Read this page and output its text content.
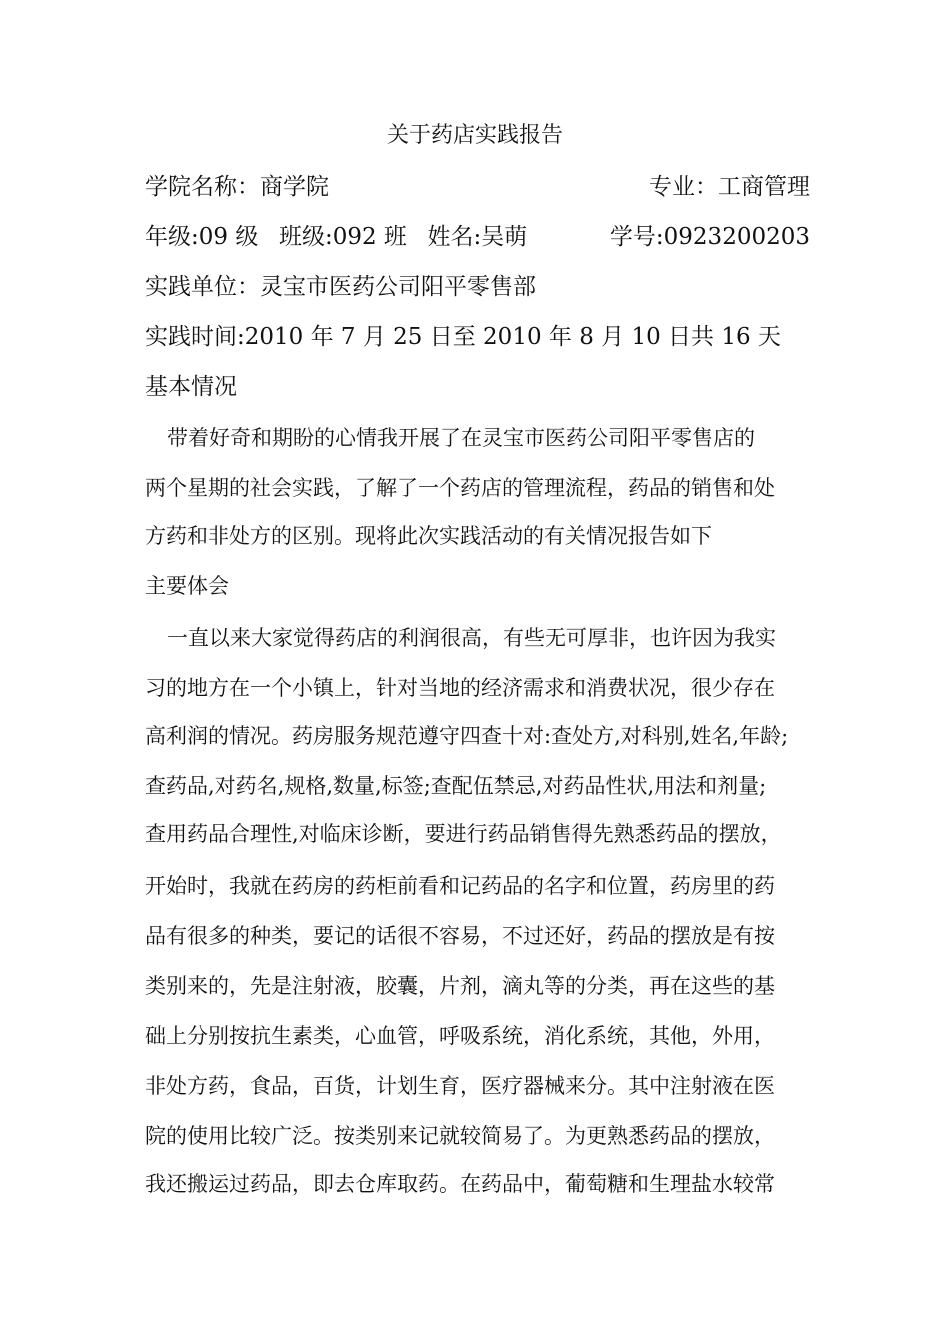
关于药店实践报告
学院名称：商学院	专业：工商管理
年级:09 级 班级:092 班 姓名:吴萌	学号:0923200203
实践单位：灵宝市医药公司阳平零售部
实践时间:2010 年 7 月 25 日至 2010 年 8 月 10 日共 16 天
基本情况
带着好奇和期盼的心情我开展了在灵宝市医药公司阳平零售店的
两个星期的社会实践，了解了一个药店的管理流程，药品的销售和处
方药和非处方的区别。现将此次实践活动的有关情况报告如下
主要体会
一直以来大家觉得药店的利润很高，有些无可厚非，也许因为我实
习的地方在一个小镇上，针对当地的经济需求和消费状况，很少存在
高利润的情况。药房服务规范遵守四查十对:查处方,对科别,姓名,年龄;
查药品,对药名,规格,数量,标签;查配伍禁忌,对药品性状,用法和剂量;
查用药品合理性,对临床诊断，要进行药品销售得先熟悉药品的摆放，
开始时，我就在药房的药柜前看和记药品的名字和位置，药房里的药
品有很多的种类，要记的话很不容易，不过还好，药品的摆放是有按
类别来的，先是注射液，胶囊，片剂，滴丸等的分类，再在这些的基
础上分别按抗生素类，心血管，呼吸系统，消化系统，其他，外用，
非处方药，食品，百货，计划生育，医疗器械来分。其中注射液在医
院的使用比较广泛。按类别来记就较简易了。为更熟悉药品的摆放，
我还搬运过药品，即去仓库取药。在药品中，葡萄糖和生理盐水较常
